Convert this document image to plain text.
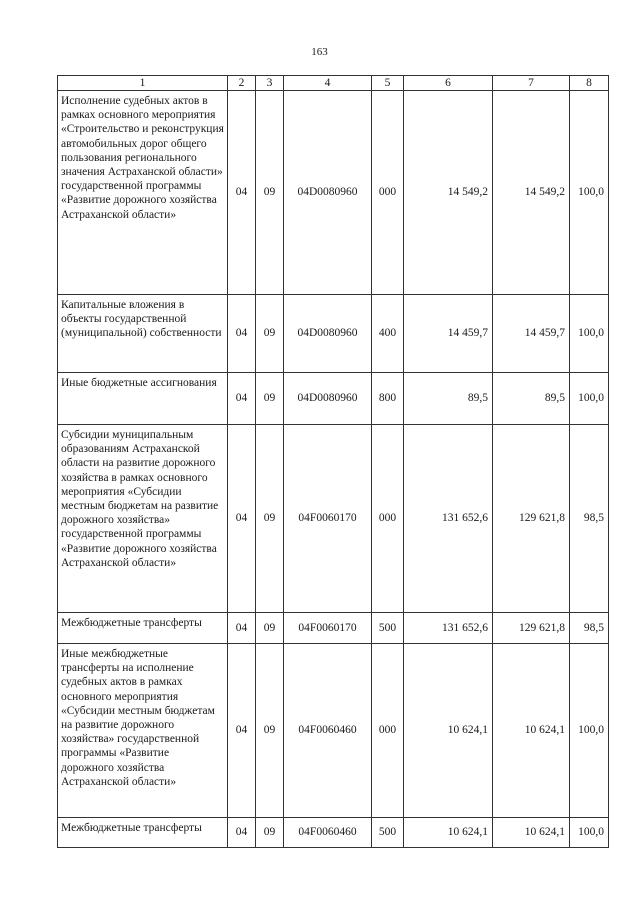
163
1	2	3	4	5	6	7	8
Исполнение судебных актов в рамках основного мероприятия «Строительство и реконструкция автомобильных дорог общего пользования регионального значения Астраханской области» государственной программы «Развитие дорожного хозяйства Астраханской области»	04	09	04D0080960	000	14 549,2	14 549,2	100,0
Капитальные вложения в объекты государственной (муниципальной) собственности	04	09	04D0080960	400	14 459,7	14 459,7	100,0
Иные бюджетные ассигнования	04	09	04D0080960	800	89,5	89,5	100,0
Субсидии муниципальным образованиям Астраханской области на развитие дорожного хозяйства в рамках основного мероприятия «Субсидии местным бюджетам на развитие дорожного хозяйства» государственной программы «Развитие дорожного хозяйства Астраханской области»	04	09	04F0060170	000	131 652,6	129 621,8	98,5
Межбюджетные трансферты	04	09	04F0060170	500	131 652,6	129 621,8	98,5
Иные межбюджетные трансферты на исполнение судебных актов в рамках основного мероприятия «Субсидии местным бюджетам на развитие дорожного хозяйства» государственной программы «Развитие дорожного хозяйства Астраханской области»	04	09	04F0060460	000	10 624,1	10 624,1	100,0
Межбюджетные трансферты	04	09	04F0060460	500	10 624,1	10 624,1	100,0
